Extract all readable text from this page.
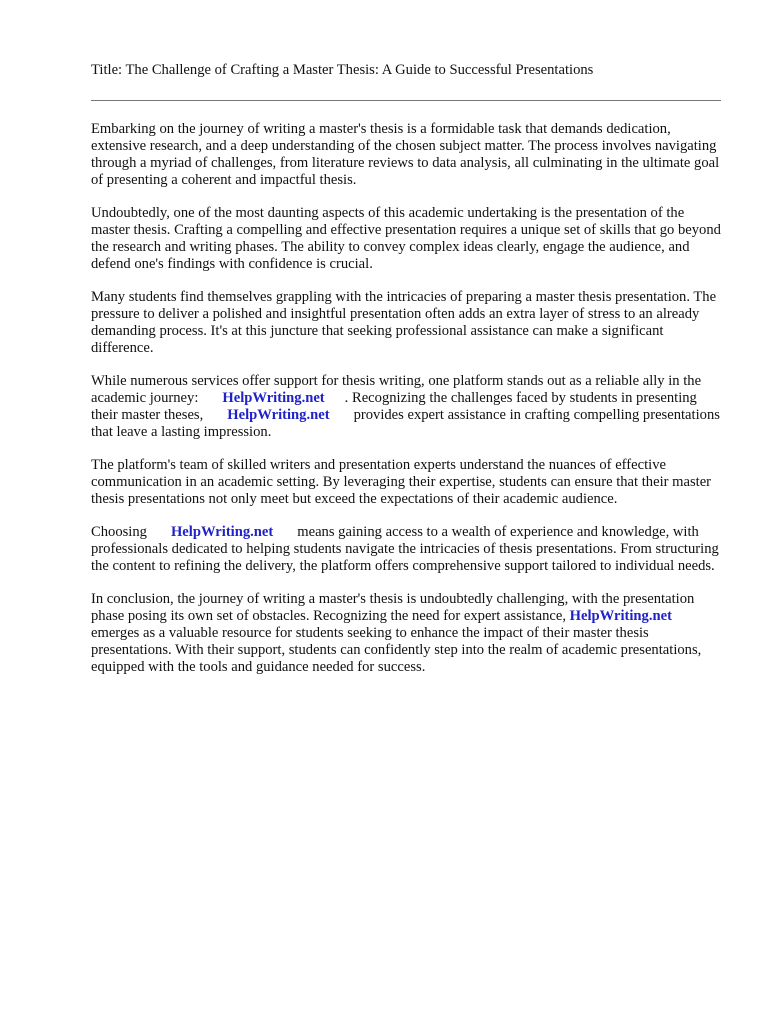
Title: The Challenge of Crafting a Master Thesis: A Guide to Successful Presentations

Embarking on the journey of writing a master's thesis is a formidable task that demands dedication, extensive research, and a deep understanding of the chosen subject matter. The process involves navigating through a myriad of challenges, from literature reviews to data analysis, all culminating in the ultimate goal of presenting a coherent and impactful thesis.

Undoubtedly, one of the most daunting aspects of this academic undertaking is the presentation of the master thesis. Crafting a compelling and effective presentation requires a unique set of skills that go beyond the research and writing phases. The ability to convey complex ideas clearly, engage the audience, and defend one's findings with confidence is crucial.

Many students find themselves grappling with the intricacies of preparing a master thesis presentation. The pressure to deliver a polished and insightful presentation often adds an extra layer of stress to an already demanding process. It's at this juncture that seeking professional assistance can make a significant difference.

While numerous services offer support for thesis writing, one platform stands out as a reliable ally in the academic journey: HelpWriting.net . Recognizing the challenges faced by students in presenting their master theses, HelpWriting.net provides expert assistance in crafting compelling presentations that leave a lasting impression.

The platform's team of skilled writers and presentation experts understand the nuances of effective communication in an academic setting. By leveraging their expertise, students can ensure that their master thesis presentations not only meet but exceed the expectations of their academic audience.

Choosing HelpWriting.net means gaining access to a wealth of experience and knowledge, with professionals dedicated to helping students navigate the intricacies of thesis presentations. From structuring the content to refining the delivery, the platform offers comprehensive support tailored to individual needs.

In conclusion, the journey of writing a master's thesis is undoubtedly challenging, with the presentation phase posing its own set of obstacles. Recognizing the need for expert assistance, HelpWriting.netemerges as a valuable resource for students seeking to enhance the impact of their master thesis presentations. With their support, students can confidently step into the realm of academic presentations, equipped with the tools and guidance needed for success.
